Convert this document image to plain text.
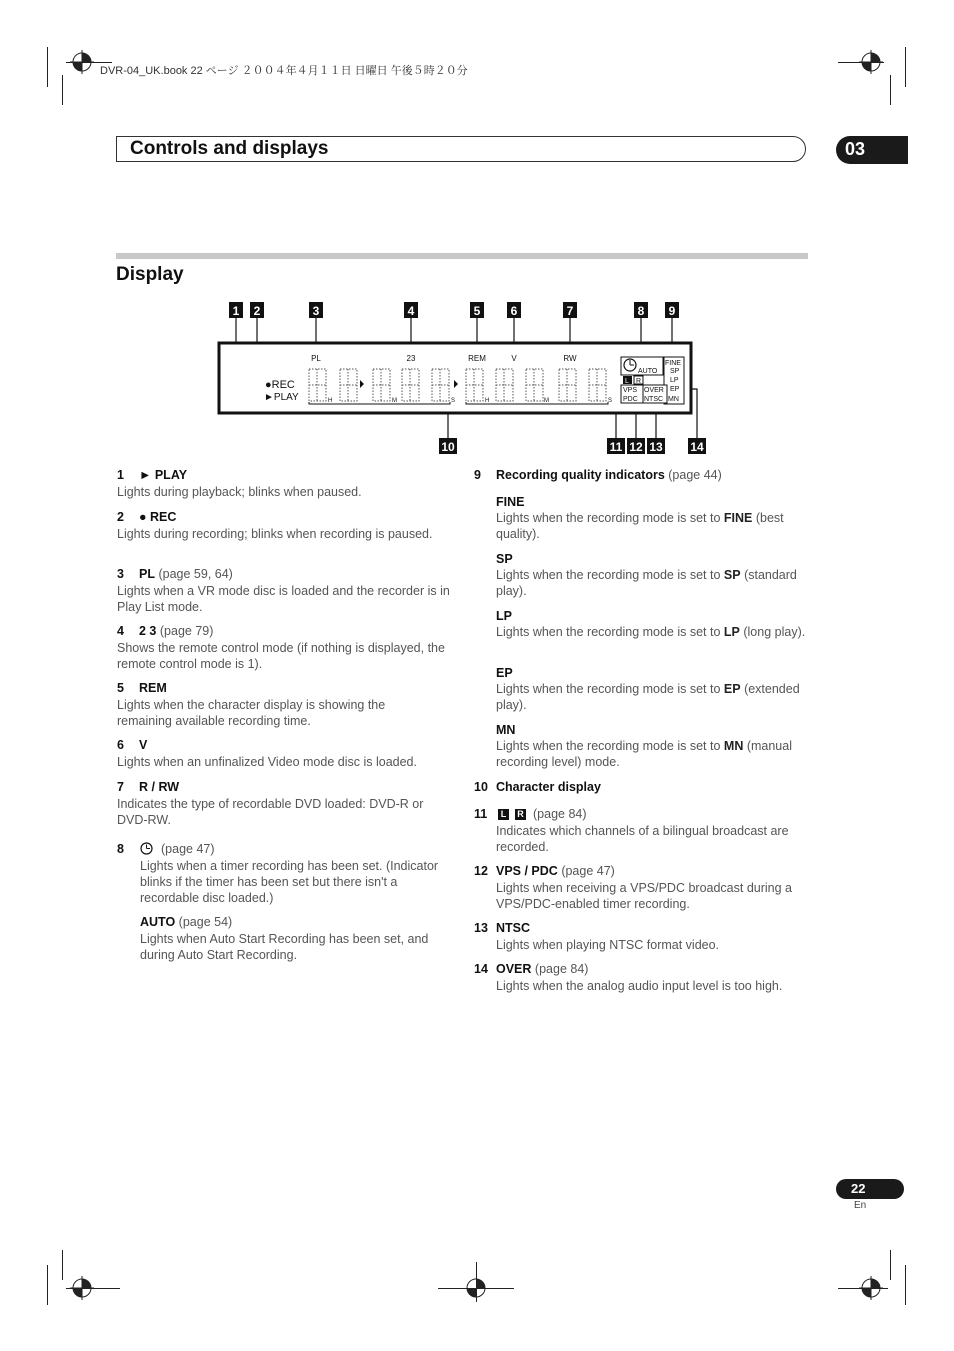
DVR-04_UK.book 22 ページ ２００４年４月１１日 日曜日 午後５時２０分
Controls and displays	03
Display
1 2	3	4	5	6	7	8 9
10	11 12 13 14
PL	23	REM	V	RW
●REC
►PLAY	H	M	S	H	M	S
AUTO
L R
VPS
PDC
OVER
NTSC
FINE
SP
LP
EP
MN
1 ► PLAY
Lights during playback; blinks when paused.
2 ● REC
Lights during recording; blinks when recording is paused.
3 PL (page 59, 64)
Lights when a VR mode disc is loaded and the recorder is in Play List mode.
4 2 3 (page 79)
Shows the remote control mode (if nothing is displayed, the remote control mode is 1).
5 REM
Lights when the character display is showing the remaining available recording time.
6 V
Lights when an unfinalized Video mode disc is loaded.
7 R / RW
Indicates the type of recordable DVD loaded: DVD-R or DVD-RW.
8	(page 47)
Lights when a timer recording has been set. (Indicator blinks if the timer has been set but there isn't a recordable disc loaded.)
AUTO (page 54)
Lights when Auto Start Recording has been set, and during Auto Start Recording.
9 Recording quality indicators (page 44)
FINE
Lights when the recording mode is set to FINE (best quality).
SP
Lights when the recording mode is set to SP (standard play).
LP
Lights when the recording mode is set to LP (long play).
EP
Lights when the recording mode is set to EP (extended play).
MN
Lights when the recording mode is set to MN (manual recording level) mode.
10 Character display
11	L	R (page 84)
Indicates which channels of a bilingual broadcast are recorded.
12 VPS / PDC (page 47)
Lights when receiving a VPS/PDC broadcast during a VPS/PDC-enabled timer recording.
13 NTSC
Lights when playing NTSC format video.
14 OVER (page 84)
Lights when the analog audio input level is too high.
22
En
